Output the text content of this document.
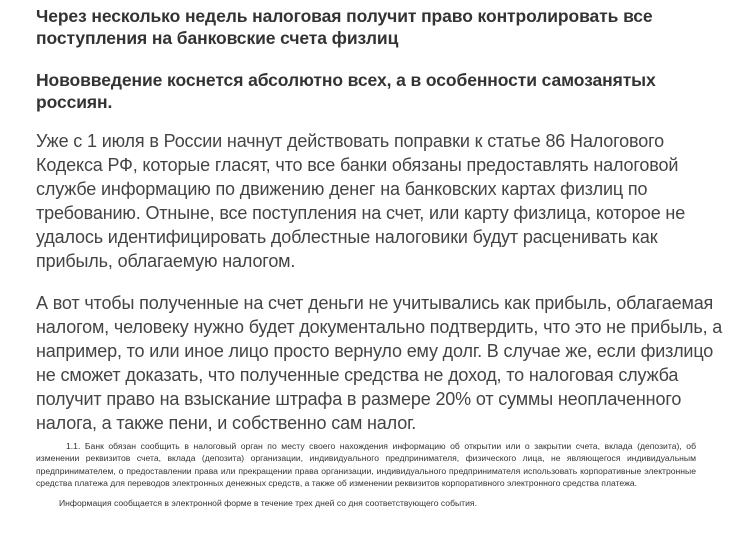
Через несколько недель налоговая получит право контролировать все поступления на банковские счета физлиц
Нововведение коснется абсолютно всех, а в особенности самозанятых россиян.

Уже с 1 июля в России начнут действовать поправки к статье 86 Налогового Кодекса РФ, которые гласят, что все банки обязаны предоставлять налоговой службе информацию по движению денег на банковских картах физлиц по требованию. Отныне, все поступления на счет, или карту физлица, которое не удалось идентифицировать доблестные налоговики будут расценивать как прибыль, облагаемую налогом.

А вот чтобы полученные на счет деньги не учитывались как прибыль, облагаемая налогом, человеку нужно будет документально подтвердить, что это не прибыль, а например, то или иное лицо просто вернуло ему долг. В случае же, если физлицо не сможет доказать, что полученные средства не доход, то налоговая служба получит право на взыскание штрафа в размере 20% от суммы неоплаченного налога, а также пени, и собственно сам налог.

1.1. Банк обязан сообщить в налоговый орган по месту своего нахождения информацию об открытии или о закрытии счета, вклада (депозита), об изменении реквизитов счета, вклада (депозита) организации, индивидуального предпринимателя, физического лица, не являющегося индивидуальным предпринимателем, о предоставлении права или прекращении права организации, индивидуального предпринимателя использовать корпоративные электронные средства платежа для переводов электронных денежных средств, а также об изменении реквизитов корпоративного электронного средства платежа.

Информация сообщается в электронной форме в течение трех дней со дня соответствующего события.
